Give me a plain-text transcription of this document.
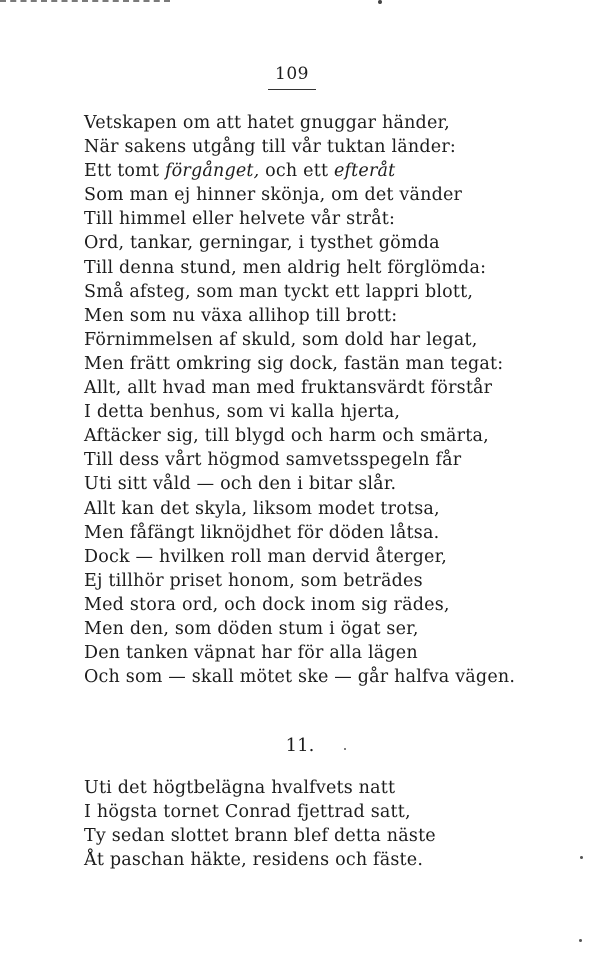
109
Vetskapen om att hatet gnuggar händer,
När sakens utgång till vår tuktan länder:
Ett tomt förgånget, och ett efteråt
Som man ej hinner skönja, om det vänder
Till himmel eller helvete vår stråt:
Ord, tankar, gerningar, i tysthet gömda
Till denna stund, men aldrig helt förglömda:
Små afsteg, som man tyckt ett lappri blott,
Men som nu växa allihop till brott:
Förnimmelsen af skuld, som dold har legat,
Men frätt omkring sig dock, fastän man tegat:
Allt, allt hvad man med fruktansvärdt förstår
I detta benhus, som vi kalla hjerta,
Aftäcker sig, till blygd och harm och smärta,
Till dess vårt högmod samvetsspegeln får
Uti sitt våld — och den i bitar slår.
Allt kan det skyla, liksom modet trotsa,
Men fåfängt liknöjdhet för döden låtsa.
Dock — hvilken roll man dervid återger,
Ej tillhör priset honom, som beträdes
Med stora ord, och dock inom sig rädes,
Men den, som döden stum i ögat ser,
Den tanken väpnat har för alla lägen
Och som — skall mötet ske — går halfva vägen.
11.
Uti det högtbelägna hvalfvets natt
I högsta tornet Conrad fjettrad satt,
Ty sedan slottet brann blef detta näste
Åt paschan häkte, residens och fäste.
